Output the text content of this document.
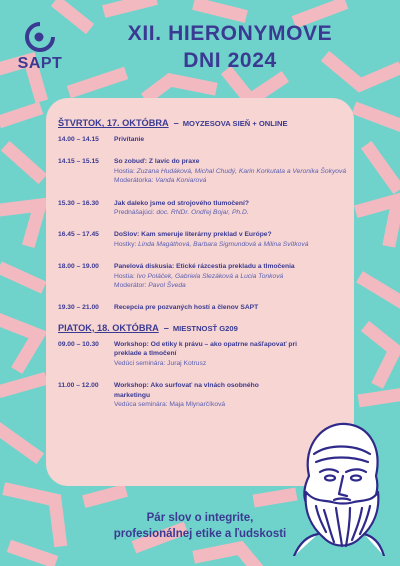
SAPT
XII. HIERONYMOVE
DNI 2024
ŠTVRTOK, 17. OKTÓBRA – MOYZESOVA SIEŇ + ONLINE
14.00 – 14.15	Privítanie
14.15 – 15.15	So zobuď: Z lavíc do praxe
Hostia: Zuzana Hudáková, Michal Chudý, Karin Korkutata a Veronika Šokyová
Moderátorka: Vanda Koniarová
15.30 – 16.30	Jak daleko jsme od strojového tlumočení?
Prednášajúci: doc. RNDr. Ondřej Bojar, Ph.D.
16.45 – 17.45	DoSlov: Kam smeruje literárny preklad v Európe?
Hostky: Linda Magáthová, Barbara Sigmundová a Milina Svítková
18.00 – 19.00	Panelová diskusia: Etické rázcestia prekladu a tlmočenia
Hostia: Ivo Poláček, Gabriela Slezáková a Lucia Tonková
Moderátor: Pavol Šveda
19.30 – 21.00	Recepcia pre pozvaných hostí a členov SAPT
PIATOK, 18. OKTÓBRA – MIESTNOSŤ G209
09.00 – 10.30	Workshop: Od etiky k právu – ako opatrne našľapovať pri preklade a tlmočení
Vedúci seminára: Juraj Kotrusz
11.00 – 12.00	Workshop: Ako surfovať na vlnách osobného marketingu
Vedúca seminára: Maja Mlynarčíková
Pár slov o integrite,
profesionálnej etike a ľudskosti
